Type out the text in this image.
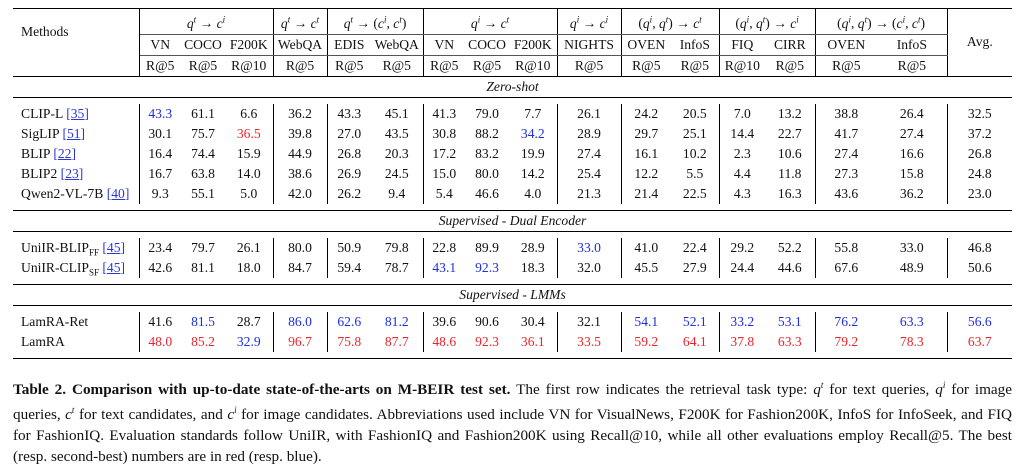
Methods	$q^t \to c^i$			$q^t \to c^t$	$q^t \to (c^i$, $c^t$)		$q^i \to c^t$			$q^i \to c^i$	($q^i$, $q^t) \to c^t$		($q^i$, $q^t) \to c^i$		($q^i$, $q^t) \to (c^i$, $c^t$)		Avg.
	VN	COCO	F200K	WebQA	EDIS	WebQA	VN	COCO	F200K	NIGHTS	OVEN	InfoS	FIQ	CIRR	OVEN	InfoS	
	R@5	R@5	R@10	R@5	R@5	R@5	R@5	R@5	R@10	R@5	R@5	R@5	R@10	R@5	R@5	R@5	
Zero-shot																	

CLIP-L [35]	43.3	61.1	6.6	36.2	43.3	45.1	41.3	79.0	7.7	26.1	24.2	20.5	7.0	13.2	38.8	26.4	32.5
SigLIP [51]	30.1	75.7	36.5	39.8	27.0	43.5	30.8	88.2	34.2	28.9	29.7	25.1	14.4	22.7	41.7	27.4	37.2
BLIP [22]	16.4	74.4	15.9	44.9	26.8	20.3	17.2	83.2	19.9	27.4	16.1	10.2	2.3	10.6	27.4	16.6	26.8
BLIP2 [23]	16.7	63.8	14.0	38.6	26.9	24.5	15.0	80.0	14.2	25.4	12.2	5.5	4.4	11.8	27.3	15.8	24.8
Qwen2-VL-7B [40]	9.3	55.1	5.0	42.0	26.2	9.4	5.4	46.6	4.0	21.3	21.4	22.5	4.3	16.3	43.6	36.2	23.0

Supervised - Dual Encoder																	

UniIR-$BLIP_{FF}$ [45]	23.4	79.7	26.1	80.0	50.9	79.8	22.8	89.9	28.9	33.0	41.0	22.4	29.2	52.2	55.8	33.0	46.8
UniIR-$CLIP_{SF}$ [45]	42.6	81.1	18.0	84.7	59.4	78.7	43.1	92.3	18.3	32.0	45.5	27.9	24.4	44.6	67.6	48.9	50.6

Supervised - LMMs																	

LamRA-Ret	41.6	81.5	28.7	86.0	62.6	81.2	39.6	90.6	30.4	32.1	54.1	52.1	33.2	53.1	76.2	63.3	56.6
LamRA	48.0	85.2	32.9	96.7	75.8	87.7	48.6	92.3	36.1	33.5	59.2	64.1	37.8	63.3	79.2	78.3	63.7

Table 2. Comparison with up-to-date state-of-the-arts on M-BEIR test set. The first row indicates the retrieval task type: $q^t$ for text queries, $q^i$ for image queries, $c^t$ for text candidates, and $c^i$ for image candidates. Abbreviations used include VN for VisualNews, F200K for Fashion200K, InfoS for InfoSeek, and FIQ for FashionIQ. Evaluation standards follow UniIR, with FashionIQ and Fashion200K using Recall@10, while all other evaluations employ Recall@5. The best (resp. second-best) numbers are in red (resp. blue).
